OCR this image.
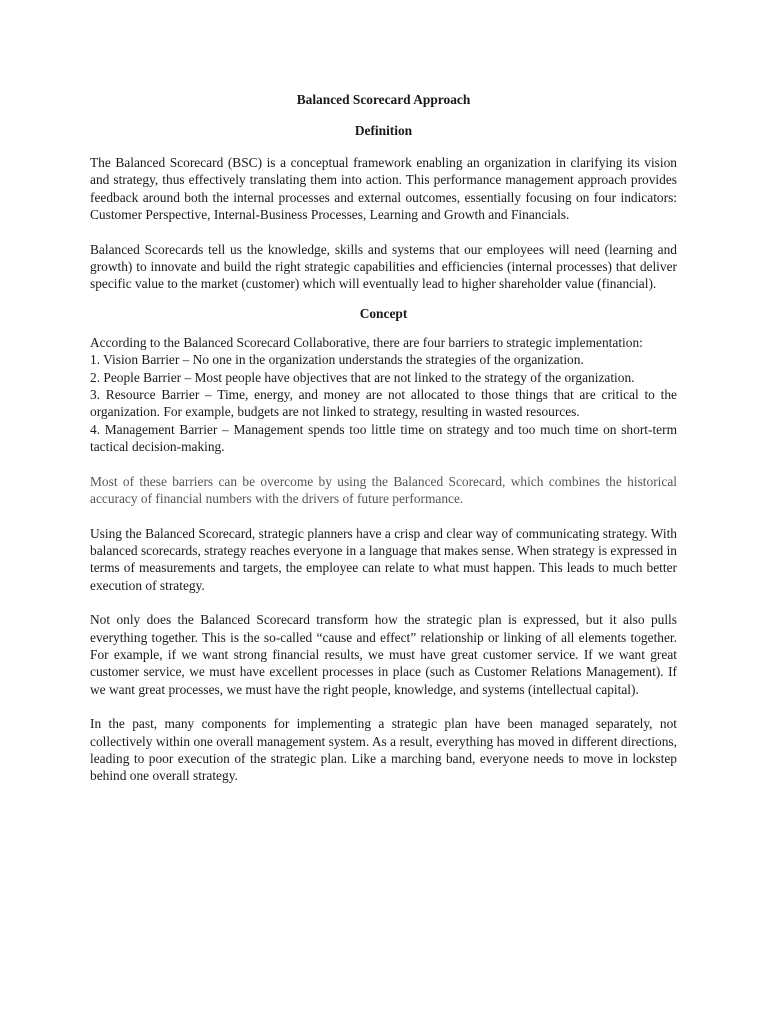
Balanced Scorecard Approach
Definition

The Balanced Scorecard (BSC) is a conceptual framework enabling an organization in clarifying its vision and strategy, thus effectively translating them into action. This performance management approach provides feedback around both the internal processes and external outcomes, essentially focusing on four indicators: Customer Perspective, Internal-Business Processes, Learning and Growth and Financials.

Balanced Scorecards tell us the knowledge, skills and systems that our employees will need (learning and growth) to innovate and build the right strategic capabilities and efficiencies (internal processes) that deliver specific value to the market (customer) which will eventually lead to higher shareholder value (financial).

Concept

According to the Balanced Scorecard Collaborative, there are four barriers to strategic implementation:

1. Vision Barrier – No one in the organization understands the strategies of the organization.

2. People Barrier – Most people have objectives that are not linked to the strategy of the organization.

3. Resource Barrier – Time, energy, and money are not allocated to those things that are critical to the organization. For example, budgets are not linked to strategy, resulting in wasted resources.

4. Management Barrier – Management spends too little time on strategy and too much time on short-term tactical decision-making.

Most of these barriers can be overcome by using the Balanced Scorecard, which combines the historical accuracy of financial numbers with the drivers of future performance.

Using the Balanced Scorecard, strategic planners have a crisp and clear way of communicating strategy. With balanced scorecards, strategy reaches everyone in a language that makes sense. When strategy is expressed in terms of measurements and targets, the employee can relate to what must happen. This leads to much better execution of strategy.

Not only does the Balanced Scorecard transform how the strategic plan is expressed, but it also pulls everything together. This is the so-called “cause and effect” relationship or linking of all elements together. For example, if we want strong financial results, we must have great customer service. If we want great customer service, we must have excellent processes in place (such as Customer Relations Management). If we want great processes, we must have the right people, knowledge, and systems (intellectual capital).

In the past, many components for implementing a strategic plan have been managed separately, not collectively within one overall management system. As a result, everything has moved in different directions, leading to poor execution of the strategic plan. Like a marching band, everyone needs to move in lockstep behind one overall strategy.
